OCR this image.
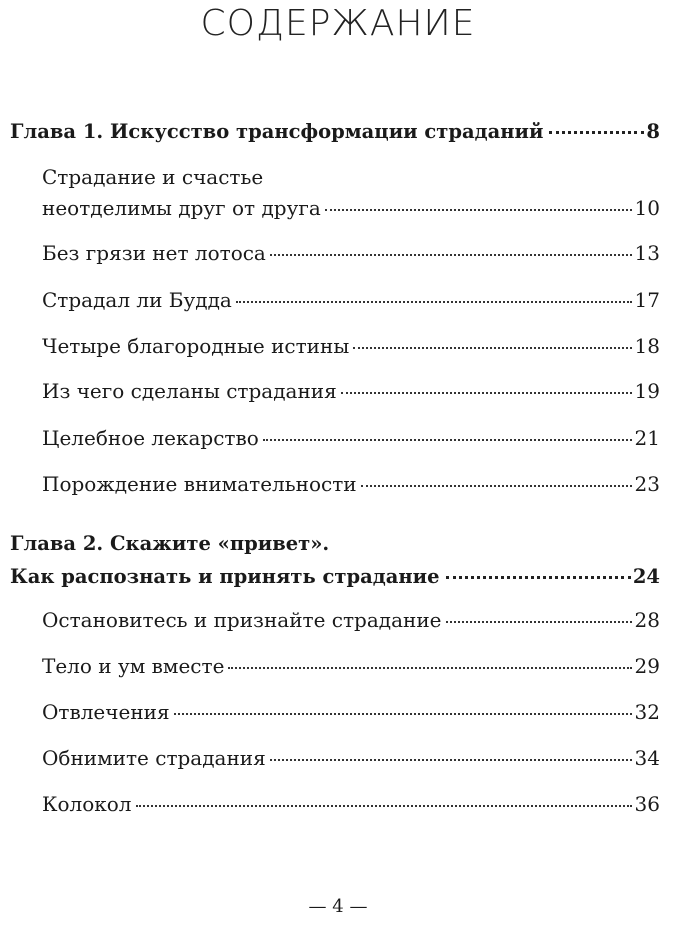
СОДЕРЖАНИЕ
Глава 1. Искусство трансформации страданий	8
Страдание и счастье
неотделимы друг от друга	10
Без грязи нет лотоса	13
Страдал ли Будда	17
Четыре благородные истины	18
Из чего сделаны страдания	19
Целебное лекарство	21
Порождение внимательности	23
Глава 2. Скажите «привет».
Как распознать и принять страдание	24
Остановитесь и признайте страдание	28
Тело и ум вместе	29
Отвлечения	32
Обнимите страдания	34
Колокол	36
— 4 —
